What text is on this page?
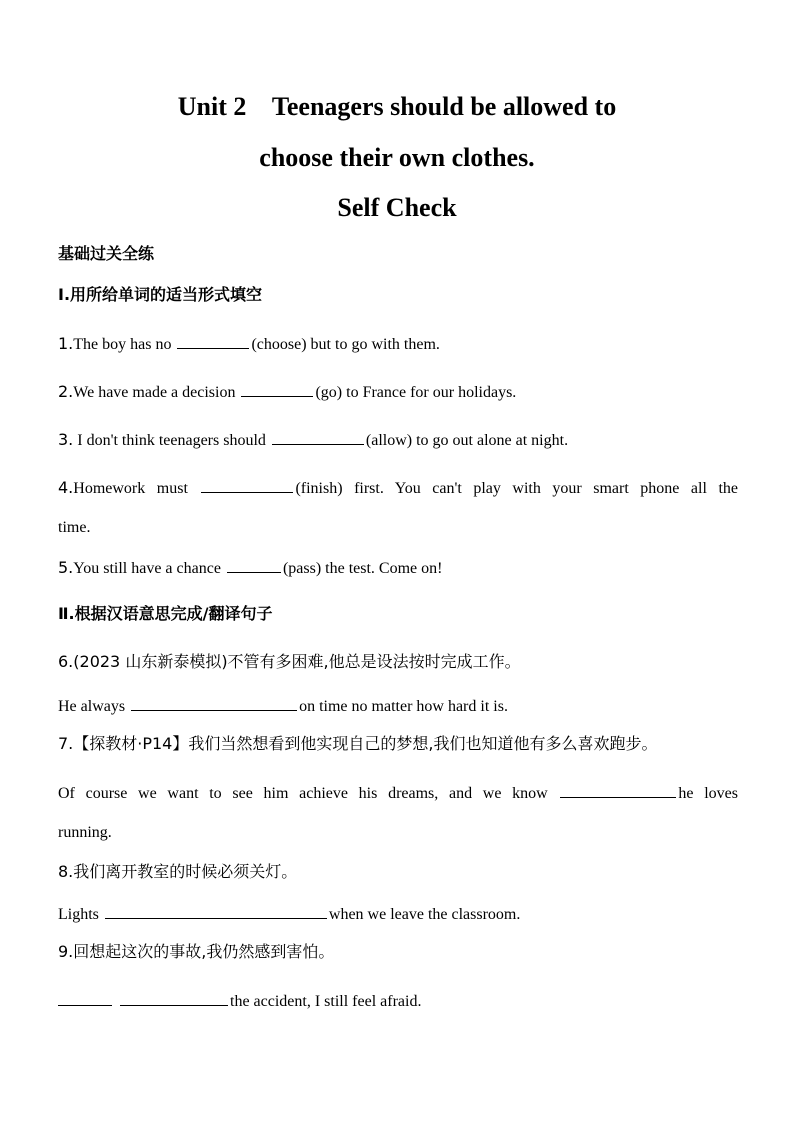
Unit 2    Teenagers should be allowed to
choose their own clothes.
Self Check
基础过关全练
Ⅰ.用所给单词的适当形式填空
1.The boy has no	(choose) but to go with them.
2.We have made a decision	(go) to France for our holidays.
3. I don't think teenagers should	(allow) to go out alone at night.
4.Homework must	(finish) first. You can't play with your smart phone all the
time.
5.You still have a chance	(pass) the test. Come on!
Ⅱ.根据汉语意思完成/翻译句子
6.(2023 山东新泰模拟)不管有多困难,他总是设法按时完成工作。
He always	on time no matter how hard it is.
7.【探教材·P14】我们当然想看到他实现自己的梦想,我们也知道他有多么喜欢跑步。
Of course we want to see him achieve his dreams, and we know	he loves
running.
8.我们离开教室的时候必须关灯。
Lights	when we leave the classroom.
9.回想起这次的事故,我仍然感到害怕。
the accident, I still feel afraid.
